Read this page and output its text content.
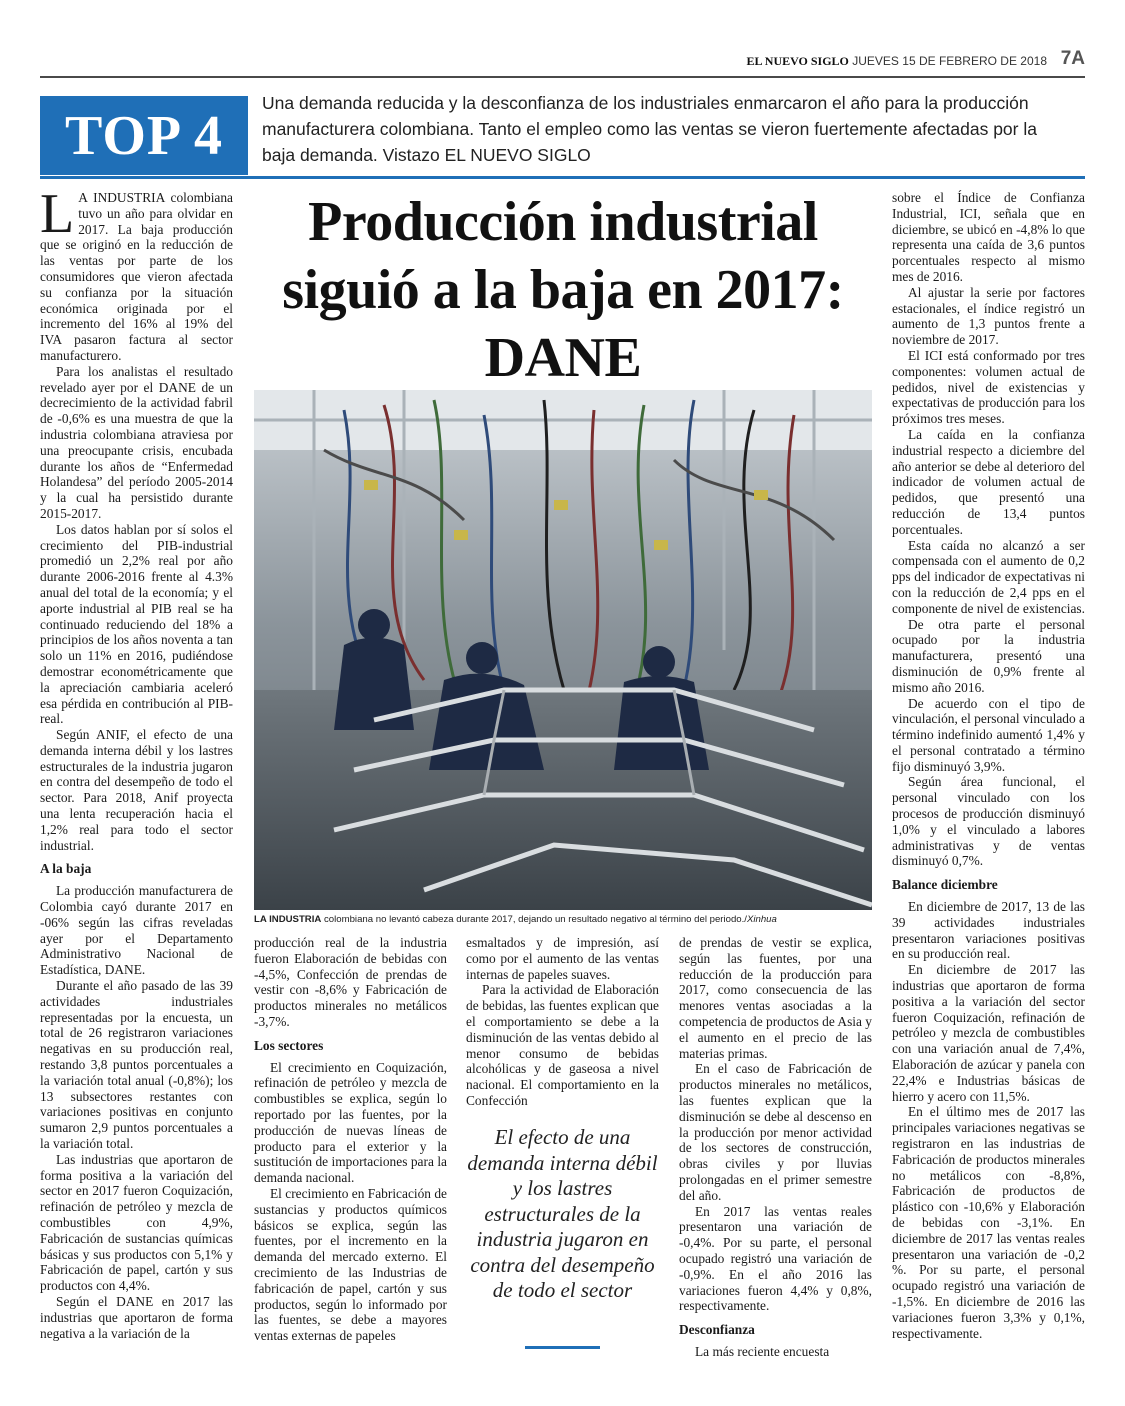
EL NUEVO SIGLO JUEVES 15 DE FEBRERO DE 2018 7A
TOP 4
Una demanda reducida y la desconfianza de los industriales enmarcaron el año para la producción manufacturera colombiana. Tanto el empleo como las ventas se vieron fuertemente afectadas por la baja demanda. Vistazo EL NUEVO SIGLO

L A INDUSTRIA colombiana tuvo un año para olvidar en 2017. La baja producción que se originó en la reducción de las ventas por parte de los consumidores que vieron afectada su confianza por la situación económica originada por el incremento del 16% al 19% del IVA pasaron factura al sector manufacturero.

Para los analistas el resultado revelado ayer por el DANE de un decrecimiento de la actividad fabril de -0,6% es una muestra de que la industria colombiana atraviesa por una preocupante crisis, encubada durante los años de “Enfermedad Holandesa” del período 2005-2014 y la cual ha persistido durante 2015-2017.

Los datos hablan por sí solos el crecimiento del PIB-industrial promedió un 2,2% real por año durante 2006-2016 frente al 4.3% anual del total de la economía; y el aporte industrial al PIB real se ha continuado reduciendo del 18% a principios de los años noventa a tan solo un 11% en 2016, pudiéndose demostrar econométricamente que la apreciación cambiaria aceleró esa pérdida en contribución al PIB-real.

Según ANIF, el efecto de una demanda interna débil y los lastres estructurales de la industria jugaron en contra del desempeño de todo el sector. Para 2018, Anif proyecta una lenta recuperación hacia el 1,2% real para todo el sector industrial.

A la baja

La producción manufacturera de Colombia cayó durante 2017 en -06% según las cifras reveladas ayer por el Departamento Administrativo Nacional de Estadística, DANE.

Durante el año pasado de las 39 actividades industriales representadas por la encuesta, un total de 26 registraron variaciones negativas en su producción real, restando 3,8 puntos porcentuales a la variación total anual (-0,8%); los 13 subsectores restantes con variaciones positivas en conjunto sumaron 2,9 puntos porcentuales a la variación total.

Las industrias que aportaron de forma positiva a la variación del sector en 2017 fueron Coquización, refinación de petróleo y mezcla de combustibles con 4,9%, Fabricación de sustancias químicas básicas y sus productos con 5,1% y Fabricación de papel, cartón y sus productos con 4,4%.

Según el DANE en 2017 las industrias que aportaron de forma negativa a la variación de la

Producción industrial siguió a la baja en 2017: DANE
LA INDUSTRIA colombiana no levantó cabeza durante 2017, dejando un resultado negativo al término del periodo./Xinhua

producción real de la industria fueron Elaboración de bebidas con -4,5%, Confección de prendas de vestir con -8,6% y Fabricación de productos minerales no metálicos -3,7%.

Los sectores

El crecimiento en Coquización, refinación de petróleo y mezcla de combustibles se explica, según lo reportado por las fuentes, por la producción de nuevas líneas de producto para el exterior y la sustitución de importaciones para la demanda nacional.

El crecimiento en Fabricación de sustancias y productos químicos básicos se explica, según las fuentes, por el incremento en la demanda del mercado externo. El crecimiento de las Industrias de fabricación de papel, cartón y sus productos, según lo informado por las fuentes, se debe a mayores ventas externas de papeles

esmaltados y de impresión, así como por el aumento de las ventas internas de papeles suaves.

Para la actividad de Elaboración de bebidas, las fuentes explican que el comportamiento se debe a la disminución de las ventas debido al menor consumo de bebidas alcohólicas y de gaseosa a nivel nacional. El comportamiento en la Confección

El efecto de una demanda interna débil y los lastres estructurales de la industria jugaron en contra del desempeño de todo el sector

de prendas de vestir se explica, según las fuentes, por una reducción de la producción para 2017, como consecuencia de las menores ventas asociadas a la competencia de productos de Asia y el aumento en el precio de las materias primas.

En el caso de Fabricación de productos minerales no metálicos, las fuentes explican que la disminución se debe al descenso en la producción por menor actividad de los sectores de construcción, obras civiles y por lluvias prolongadas en el primer semestre del año.

En 2017 las ventas reales presentaron una variación de -0,4%. Por su parte, el personal ocupado registró una variación de -0,9%. En el año 2016 las variaciones fueron 4,4% y 0,8%, respectivamente.

Desconfianza

La más reciente encuesta

sobre el Índice de Confianza Industrial, ICI, señala que en diciembre, se ubicó en -4,8% lo que representa una caída de 3,6 puntos porcentuales respecto al mismo mes de 2016.

Al ajustar la serie por factores estacionales, el índice registró un aumento de 1,3 puntos frente a noviembre de 2017.

El ICI está conformado por tres componentes: volumen actual de pedidos, nivel de existencias y expectativas de producción para los próximos tres meses.

La caída en la confianza industrial respecto a diciembre del año anterior se debe al deterioro del indicador de volumen actual de pedidos, que presentó una reducción de 13,4 puntos porcentuales.

Esta caída no alcanzó a ser compensada con el aumento de 0,2 pps del indicador de expectativas ni con la reducción de 2,4 pps en el componente de nivel de existencias.

De otra parte el personal ocupado por la industria manufacturera, presentó una disminución de 0,9% frente al mismo año 2016.

De acuerdo con el tipo de vinculación, el personal vinculado a término indefinido aumentó 1,4% y el personal contratado a término fijo disminuyó 3,9%.

Según área funcional, el personal vinculado con los procesos de producción disminuyó 1,0% y el vinculado a labores administrativas y de ventas disminuyó 0,7%.

Balance diciembre

En diciembre de 2017, 13 de las 39 actividades industriales presentaron variaciones positivas en su producción real.

En diciembre de 2017 las industrias que aportaron de forma positiva a la variación del sector fueron Coquización, refinación de petróleo y mezcla de combustibles con una variación anual de 7,4%, Elaboración de azúcar y panela con 22,4% e Industrias básicas de hierro y acero con 11,5%.

En el último mes de 2017 las principales variaciones negativas se registraron en las industrias de Fabricación de productos minerales no metálicos con -8,8%, Fabricación de productos de plástico con -10,6% y Elaboración de bebidas con -3,1%. En diciembre de 2017 las ventas reales presentaron una variación de -0,2 %. Por su parte, el personal ocupado registró una variación de -1,5%. En diciembre de 2016 las variaciones fueron 3,3% y 0,1%, respectivamente.
